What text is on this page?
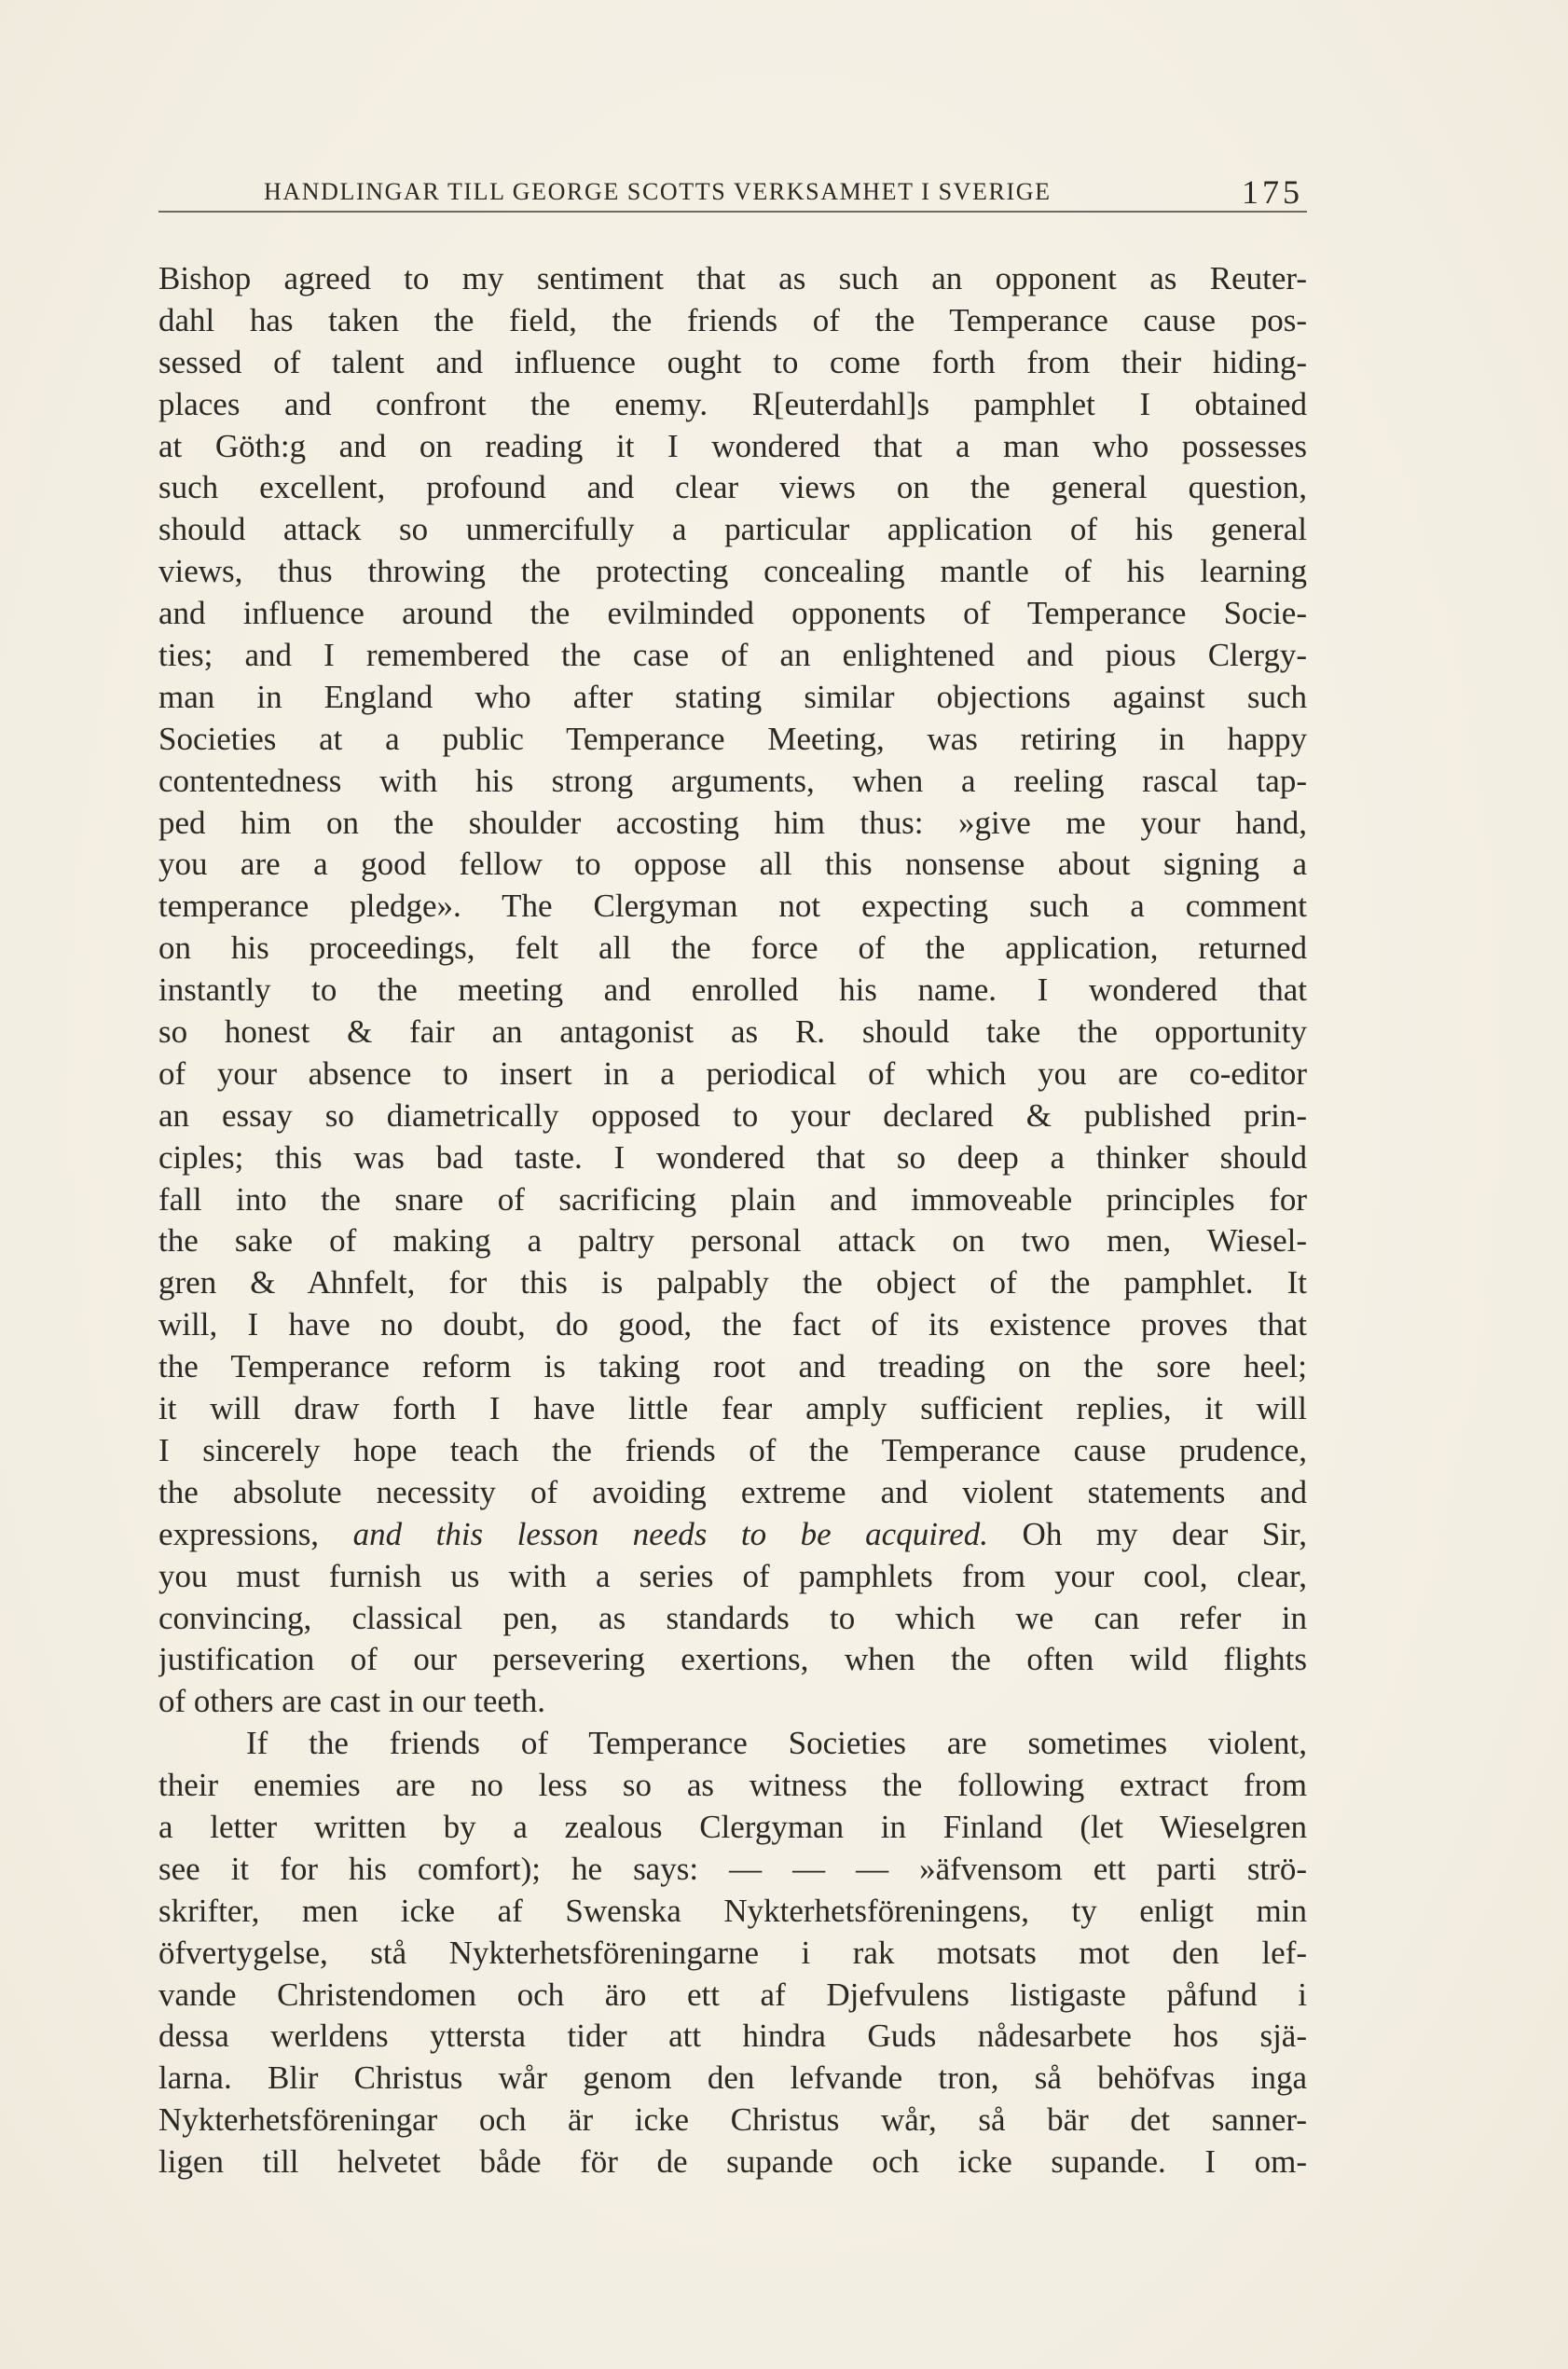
HANDLINGAR TILL GEORGE SCOTTS VERKSAMHET I SVERIGE	175
Bishop agreed to my sentiment that as such an opponent as Reuter-
dahl has taken the field, the friends of the Temperance cause pos-
sessed of talent and influence ought to come forth from their hiding-
places and confront the enemy. R[euterdahl]s pamphlet I obtained
at Göth:g and on reading it I wondered that a man who possesses
such excellent, profound and clear views on the general question,
should attack so unmercifully a particular application of his general
views, thus throwing the protecting concealing mantle of his learning
and influence around the evilminded opponents of Temperance Socie-
ties; and I remembered the case of an enlightened and pious Clergy-
man in England who after stating similar objections against such
Societies at a public Temperance Meeting, was retiring in happy
contentedness with his strong arguments, when a reeling rascal tap-
ped him on the shoulder accosting him thus: »give me your hand,
you are a good fellow to oppose all this nonsense about signing a
temperance pledge». The Clergyman not expecting such a comment
on his proceedings, felt all the force of the application, returned
instantly to the meeting and enrolled his name. I wondered that
so honest & fair an antagonist as R. should take the opportunity
of your absence to insert in a periodical of which you are co-editor
an essay so diametrically opposed to your declared & published prin-
ciples; this was bad taste. I wondered that so deep a thinker should
fall into the snare of sacrificing plain and immoveable principles for
the sake of making a paltry personal attack on two men, Wiesel-
gren & Ahnfelt, for this is palpably the object of the pamphlet. It
will, I have no doubt, do good, the fact of its existence proves that
the Temperance reform is taking root and treading on the sore heel;
it will draw forth I have little fear amply sufficient replies, it will
I sincerely hope teach the friends of the Temperance cause prudence,
the absolute necessity of avoiding extreme and violent statements and
expressions, and this lesson needs to be acquired. Oh my dear Sir,
you must furnish us with a series of pamphlets from your cool, clear,
convincing, classical pen, as standards to which we can refer in
justification of our persevering exertions, when the often wild flights
of others are cast in our teeth.
If the friends of Temperance Societies are sometimes violent,
their enemies are no less so as witness the following extract from
a letter written by a zealous Clergyman in Finland (let Wieselgren
see it for his comfort); he says: — — — »äfvensom ett parti strö-
skrifter, men icke af Swenska Nykterhetsföreningens, ty enligt min
öfvertygelse, stå Nykterhetsföreningarne i rak motsats mot den lef-
vande Christendomen och äro ett af Djefvulens listigaste påfund i
dessa werldens yttersta tider att hindra Guds nådesarbete hos sjä-
larna. Blir Christus wår genom den lefvande tron, så behöfvas inga
Nykterhetsföreningar och är icke Christus wår, så bär det sanner-
ligen till helvetet både för de supande och icke supande. I om-
